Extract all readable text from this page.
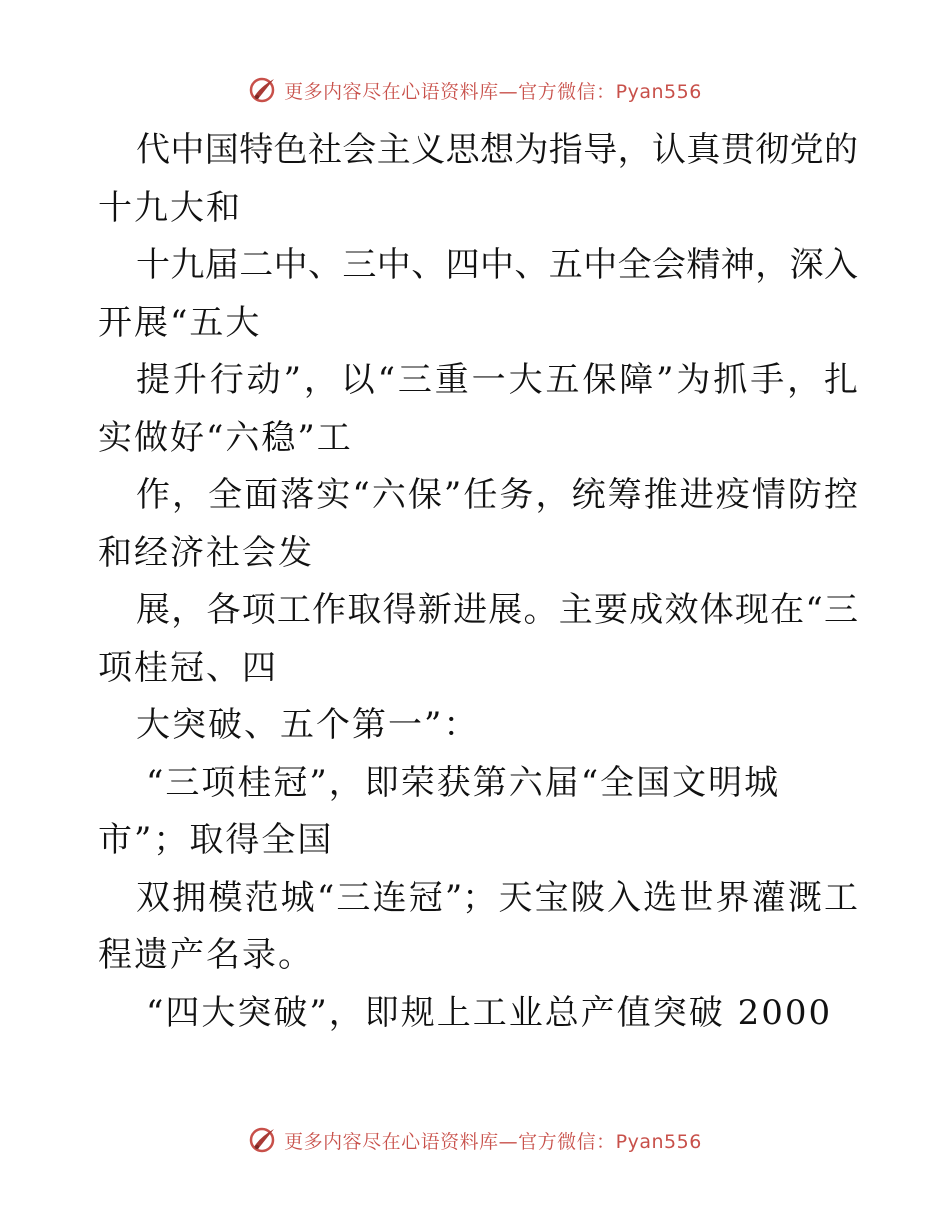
更多内容尽在心语资料库—官方微信：Pyan556
代中国特色社会主义思想为指导，认真贯彻党的
十九大和
十九届二中、三中、四中、五中全会精神，深入
开展“五大
提升行动”，以“三重一大五保障”为抓手，扎
实做好“六稳”工
作，全面落实“六保”任务，统筹推进疫情防控
和经济社会发
展，各项工作取得新进展。主要成效体现在“三
项桂冠、四
大突破、五个第一”：
“三项桂冠”，即荣获第六届“全国文明城
市”；取得全国
双拥模范城“三连冠”；天宝陂入选世界灌溉工
程遗产名录。
“四大突破”，即规上工业总产值突破 2000
更多内容尽在心语资料库—官方微信：Pyan556
